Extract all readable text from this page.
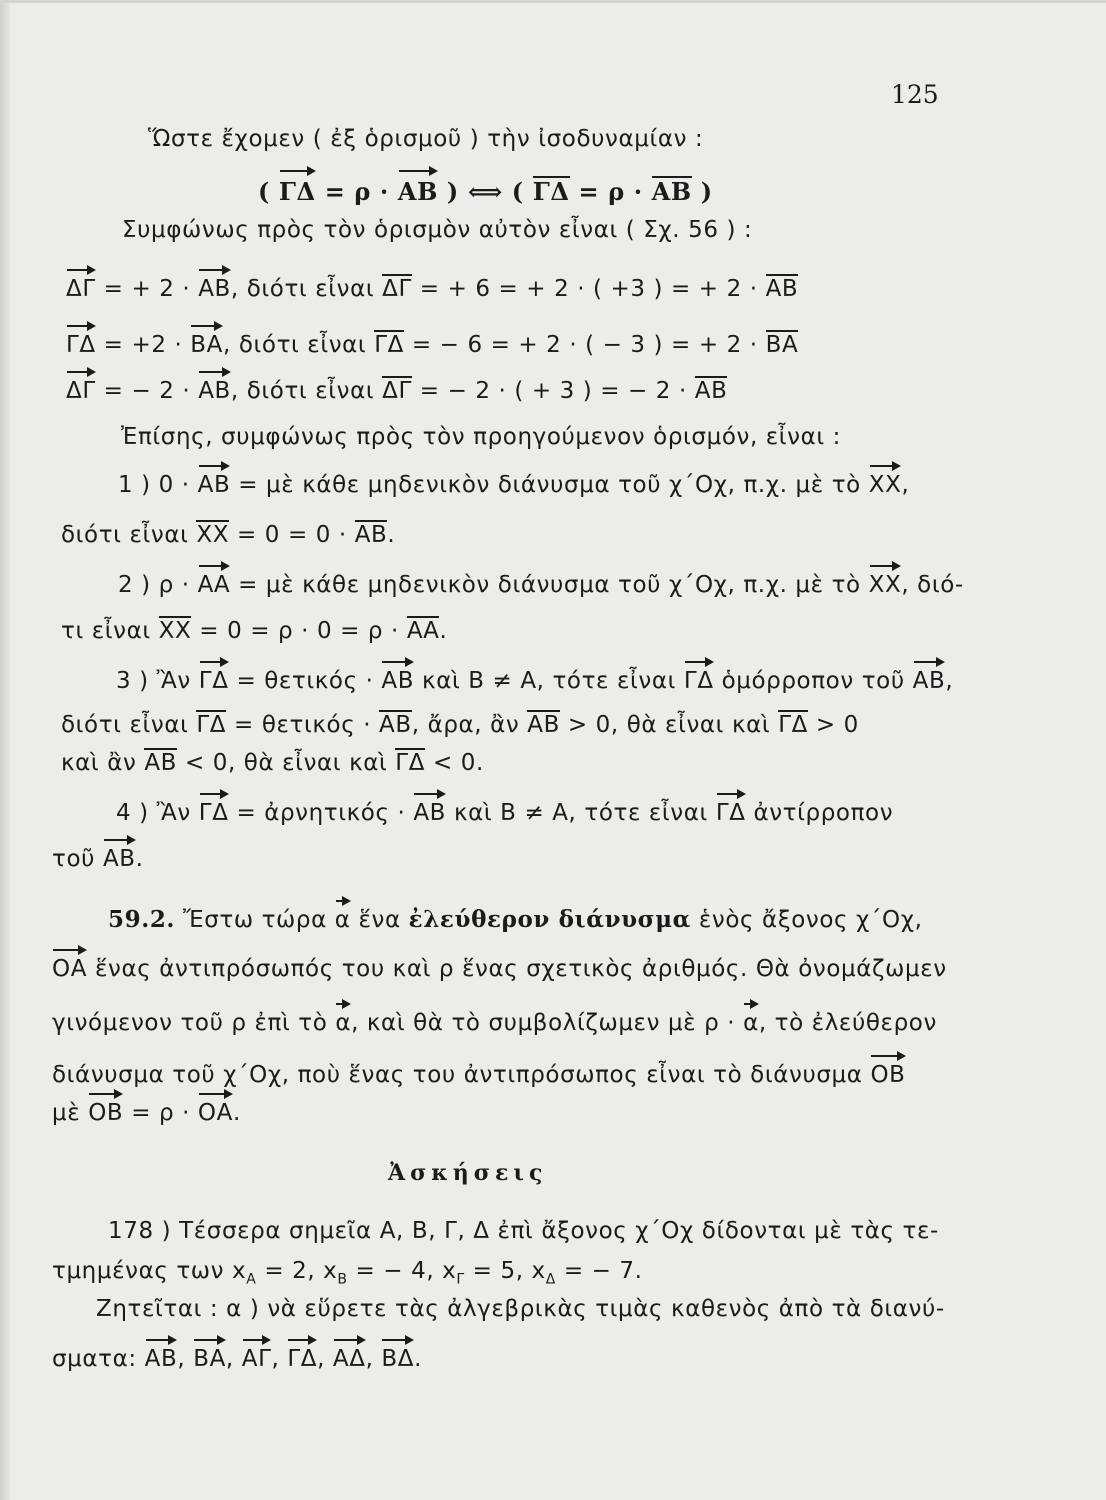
125
Ὥστε ἔχομεν ( ἐξ ὁρισμοῦ ) τὴν ἰσοδυναμίαν :
( ΓΔ = ρ · ΑΒ ) ⟺ ( ΓΔ = ρ · ΑΒ )
Συμφώνως πρὸς τὸν ὁρισμὸν αὐτὸν εἶναι ( Σχ. 56 ) :
ΔΓ = + 2 · ΑΒ, διότι εἶναι ΔΓ = + 6 = + 2 · ( +3 ) = + 2 · ΑΒ
ΓΔ = +2 · ΒΑ, διότι εἶναι ΓΔ = − 6 = + 2 · ( − 3 ) = + 2 · ΒΑ
ΔΓ = − 2 · ΑΒ, διότι εἶναι ΔΓ = − 2 · ( + 3 ) = − 2 · ΑΒ
Ἐπίσης, συμφώνως πρὸς τὸν προηγούμενον ὁρισμόν, εἶναι :
1 ) 0 · ΑΒ = μὲ κάθε μηδενικὸν διάνυσμα τοῦ χ΄Οχ, π.χ. μὲ τὸ ΧΧ,
διότι εἶναι ΧΧ = 0 = 0 · ΑΒ.
2 ) ρ · ΑΑ = μὲ κάθε μηδενικὸν διάνυσμα τοῦ χ΄Οχ, π.χ. μὲ τὸ ΧΧ, διό-
τι εἶναι ΧΧ = 0 = ρ · 0 = ρ · ΑΑ.
3 ) Ἂν ΓΔ = θετικός · ΑΒ καὶ Β ≠ Α, τότε εἶναι ΓΔ ὁμόρροπον τοῦ ΑΒ,
διότι εἶναι ΓΔ = θετικός · ΑΒ, ἄρα, ἂν ΑΒ > 0, θὰ εἶναι καὶ ΓΔ > 0
καὶ ἂν ΑΒ < 0, θὰ εἶναι καὶ ΓΔ < 0.
4 ) Ἂν ΓΔ = ἀρνητικός · ΑΒ καὶ Β ≠ Α, τότε εἶναι ΓΔ ἀντίρροπον
τοῦ ΑΒ.
59.2. Ἔστω τώρα α ἕνα ἐλεύθερον διάνυσμα ἑνὸς ἄξονος χ΄Οχ,
ΟΑ ἕνας ἀντιπρόσωπός του καὶ ρ ἕνας σχετικὸς ἀριθμός. Θὰ ὀνομάζωμεν
γινόμενον τοῦ ρ ἐπὶ τὸ α, καὶ θὰ τὸ συμβολίζωμεν μὲ ρ · α, τὸ ἐλεύθερον
διάνυσμα τοῦ χ΄Οχ, ποὺ ἕνας του ἀντιπρόσωπος εἶναι τὸ διάνυσμα ΟΒ
μὲ ΟΒ = ρ · ΟΑ.
Ἀσκήσεις
178 ) Τέσσερα σημεῖα Α, Β, Γ, Δ ἐπὶ ἄξονος χ΄Οχ δίδονται μὲ τὰς τε-
τμημένας των $x_A = 2$, $x_B$ = − 4, $x_\Gamma = 5$, $x_\Delta$ = − 7.
Ζητεῖται : α ) νὰ εὕρετε τὰς ἀλγεβρικὰς τιμὰς καθενὸς ἀπὸ τὰ διανύ-
σματα: ΑΒ, ΒΑ, ΑΓ, ΓΔ, ΑΔ, ΒΔ.
